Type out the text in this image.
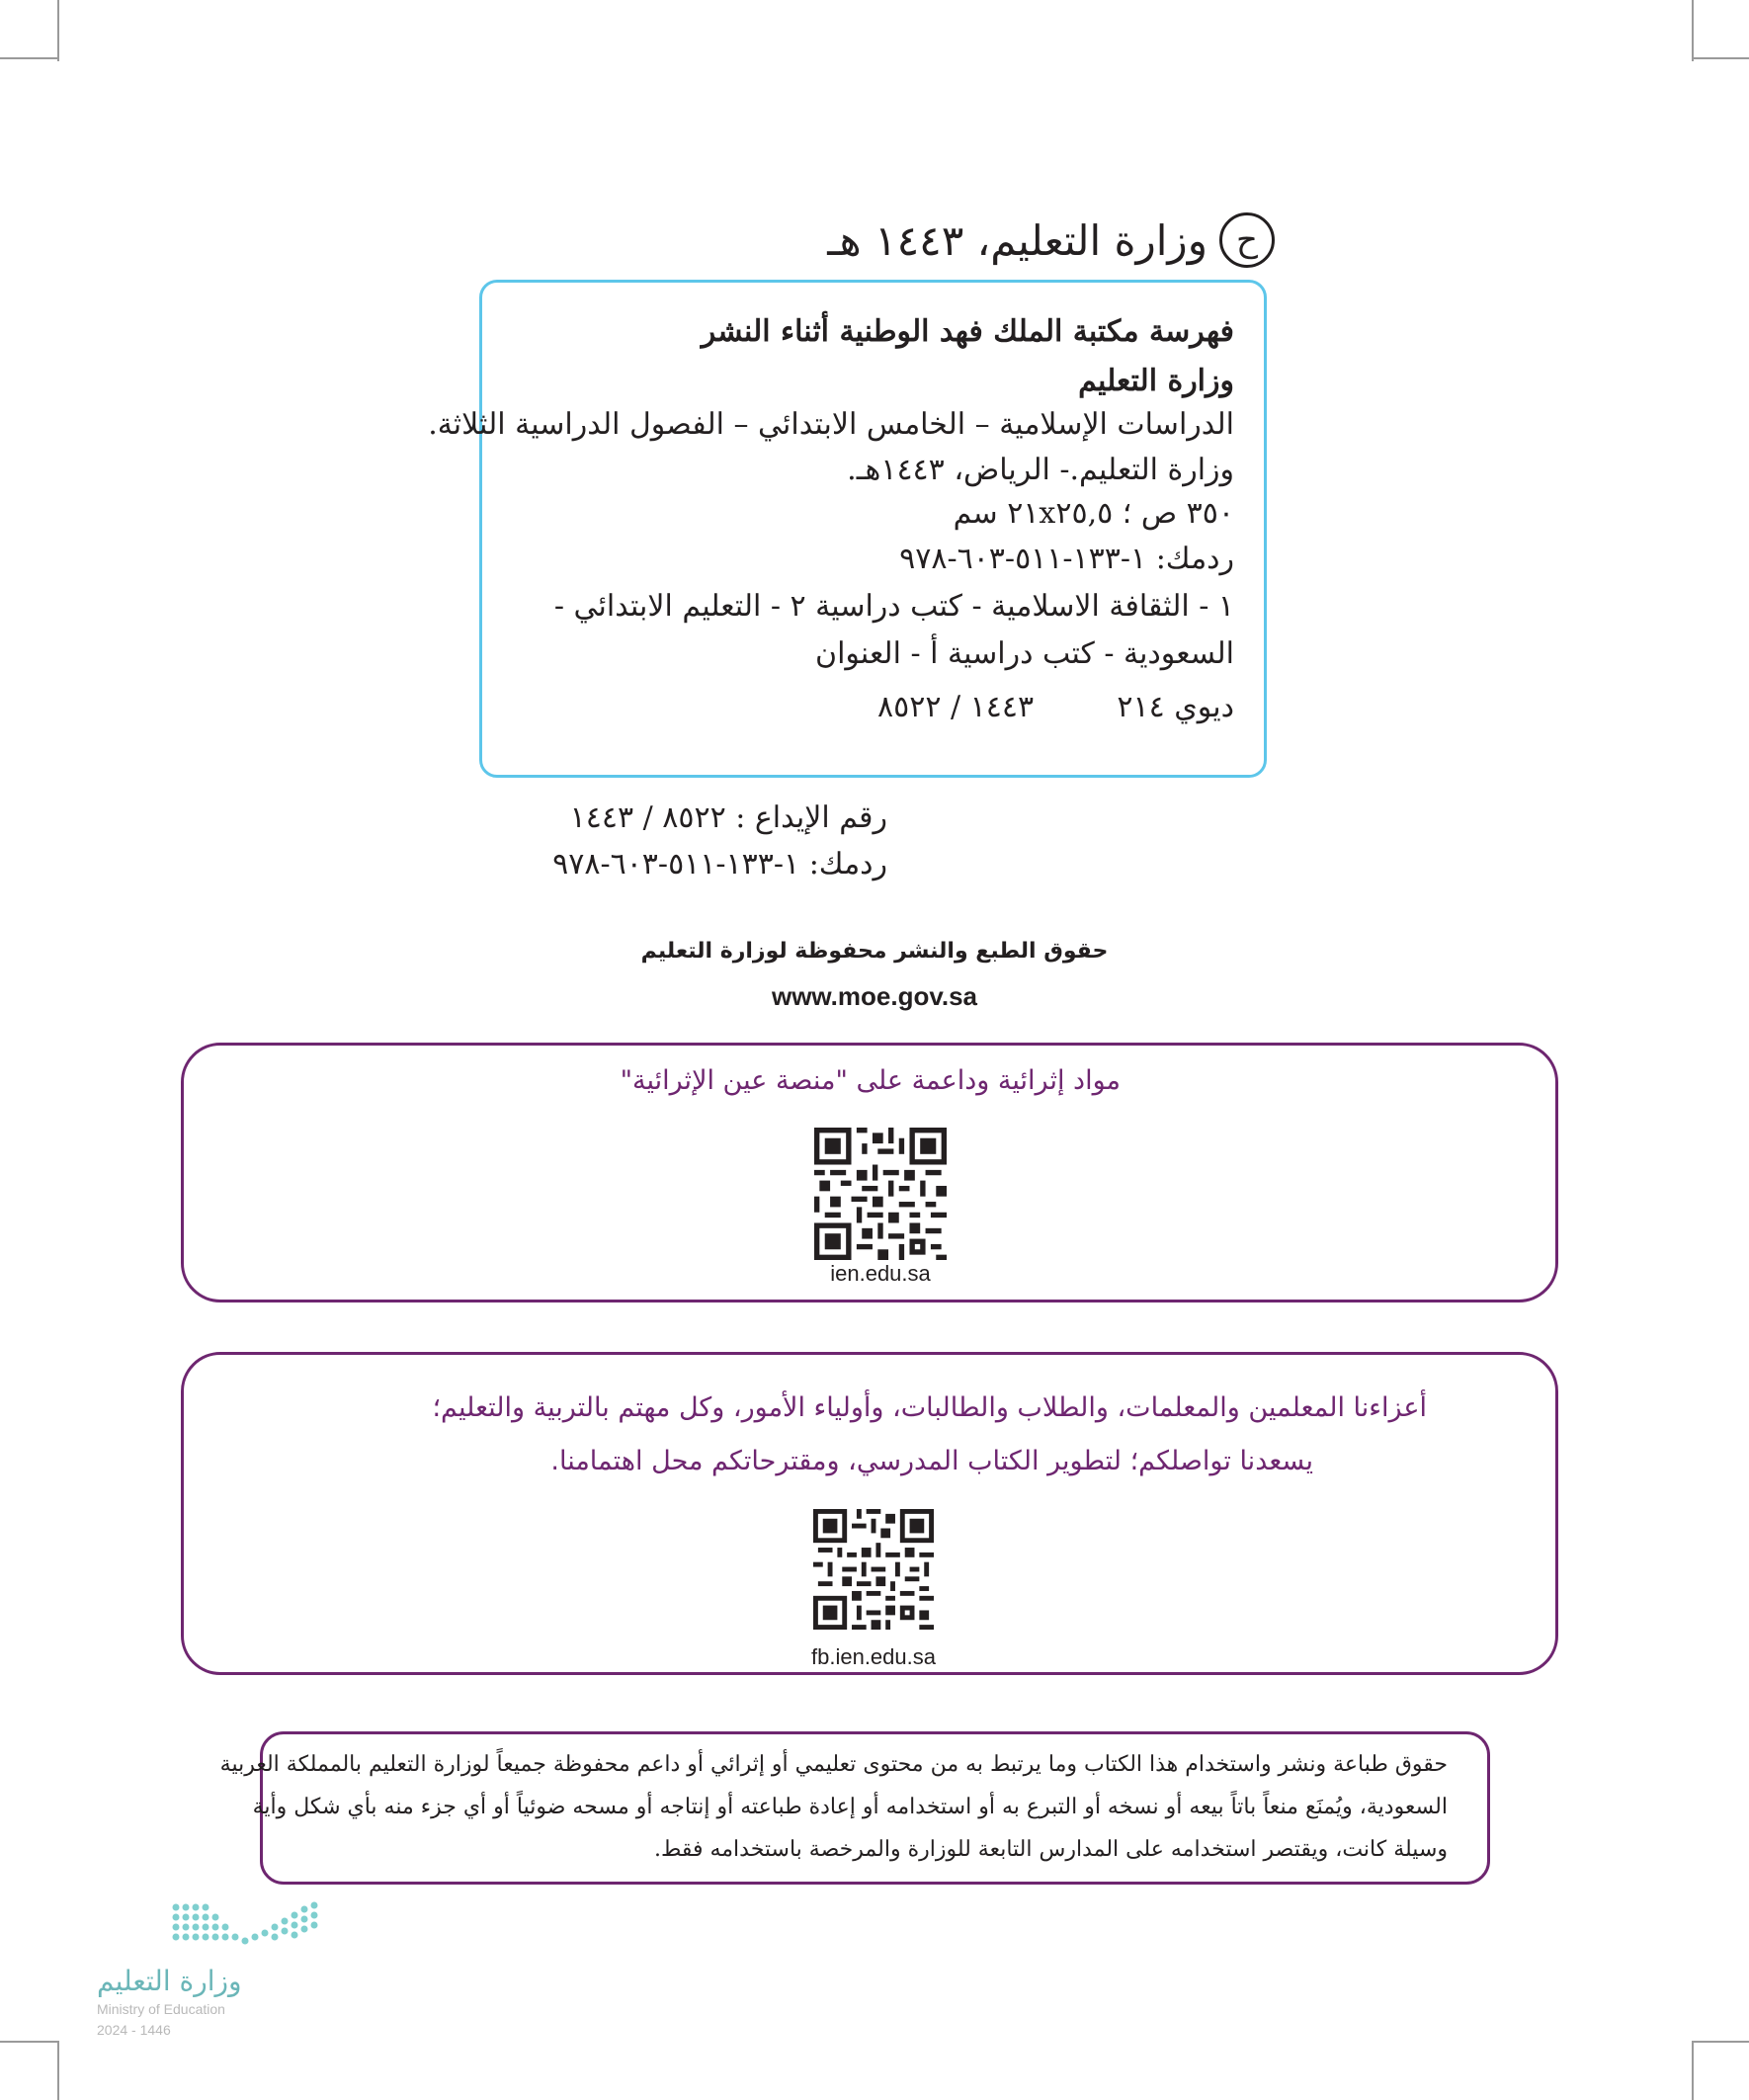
ح
وزارة التعليم، ١٤٤٣ هـ
فهرسة مكتبة الملك فهد الوطنية أثناء النشر
وزارة التعليم
الدراسات الإسلامية – الخامس الابتدائي – الفصول الدراسية الثلاثة.
وزارة التعليم.- الرياض، ١٤٤٣هـ.
٣٥٠ ص ؛ ٢١x٢٥,٥ سم
ردمك: ١-١٣٣-٥١١-٦٠٣-٩٧٨
١ - الثقافة الاسلامية - كتب دراسية ٢ - التعليم الابتدائي -
السعودية - كتب دراسية أ - العنوان
ديوي ٢١٤
١٤٤٣ / ٨٥٢٢
رقم الإيداع : ٨٥٢٢ / ١٤٤٣
ردمك: ١-١٣٣-٥١١-٦٠٣-٩٧٨
حقوق الطبع والنشر محفوظة لوزارة التعليم
www.moe.gov.sa
مواد إثرائية وداعمة على "منصة عين الإثرائية"
ien.edu.sa
أعزاءنا المعلمين والمعلمات، والطلاب والطالبات، وأولياء الأمور، وكل مهتم بالتربية والتعليم؛
يسعدنا تواصلكم؛ لتطوير الكتاب المدرسي، ومقترحاتكم محل اهتمامنا.
fb.ien.edu.sa
حقوق طباعة ونشر واستخدام هذا الكتاب وما يرتبط به من محتوى تعليمي أو إثرائي أو داعم محفوظة جميعاً لوزارة التعليم بالمملكة العربية
السعودية، ويُمنَع منعاً باتاً بيعه أو نسخه أو التبرع به أو استخدامه أو إعادة طباعته أو إنتاجه أو مسحه ضوئياً أو أي جزء منه بأي شكل وأية
وسيلة كانت، ويقتصر استخدامه على المدارس التابعة للوزارة والمرخصة باستخدامه فقط.
وزارة التعليم
Ministry of Education
2024 - 1446
